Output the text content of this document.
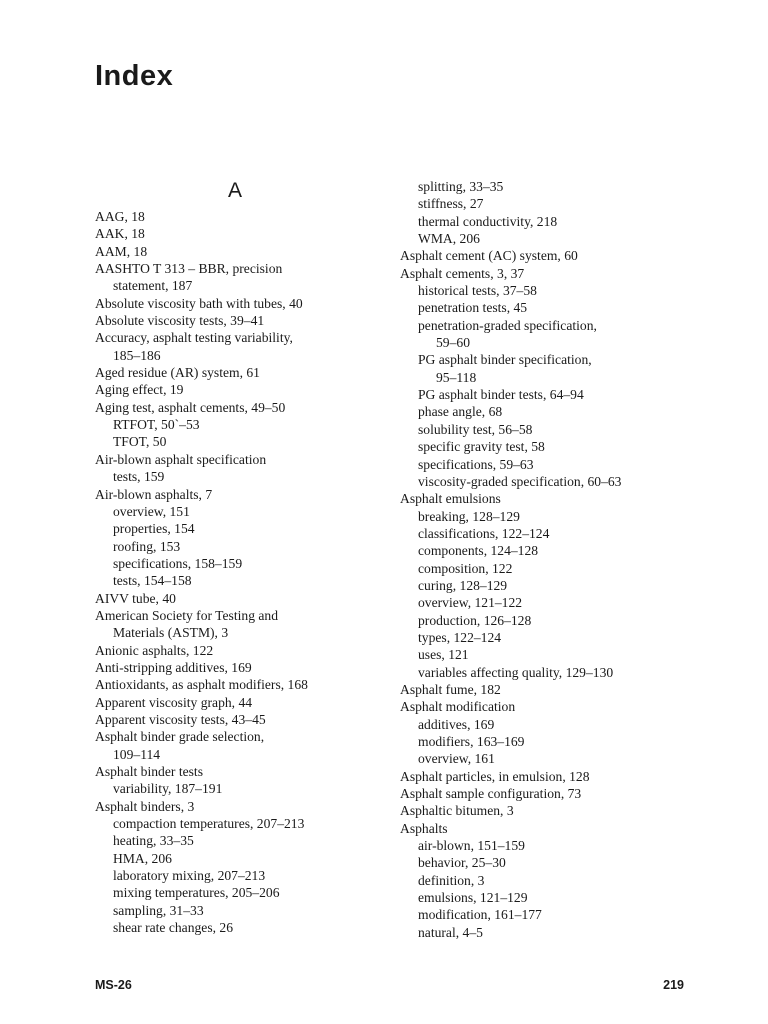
Index
A
AAG, 18
AAK, 18
AAM, 18
AASHTO T 313 – BBR, precision
statement, 187
Absolute viscosity bath with tubes, 40
Absolute viscosity tests, 39–41
Accuracy, asphalt testing variability,
185–186
Aged residue (AR) system, 61
Aging effect, 19
Aging test, asphalt cements, 49–50
RTFOT, 50`–53
TFOT, 50
Air-blown asphalt specification
tests, 159
Air-blown asphalts, 7
overview, 151
properties, 154
roofing, 153
specifications, 158–159
tests, 154–158
AIVV tube, 40
American Society for Testing and
Materials (ASTM), 3
Anionic asphalts, 122
Anti-stripping additives, 169
Antioxidants, as asphalt modifiers, 168
Apparent viscosity graph, 44
Apparent viscosity tests, 43–45
Asphalt binder grade selection,
109–114
Asphalt binder tests
variability, 187–191
Asphalt binders, 3
compaction temperatures, 207–213
heating, 33–35
HMA, 206
laboratory mixing, 207–213
mixing temperatures, 205–206
sampling, 31–33
shear rate changes, 26
splitting, 33–35
stiffness, 27
thermal conductivity, 218
WMA, 206
Asphalt cement (AC) system, 60
Asphalt cements, 3, 37
historical tests, 37–58
penetration tests, 45
penetration-graded specification,
59–60
PG asphalt binder specification,
95–118
PG asphalt binder tests, 64–94
phase angle, 68
solubility test, 56–58
specific gravity test, 58
specifications, 59–63
viscosity-graded specification, 60–63
Asphalt emulsions
breaking, 128–129
classifications, 122–124
components, 124–128
composition, 122
curing, 128–129
overview, 121–122
production, 126–128
types, 122–124
uses, 121
variables affecting quality, 129–130
Asphalt fume, 182
Asphalt modification
additives, 169
modifiers, 163–169
overview, 161
Asphalt particles, in emulsion, 128
Asphalt sample configuration, 73
Asphaltic bitumen, 3
Asphalts
air-blown, 151–159
behavior, 25–30
definition, 3
emulsions, 121–129
modification, 161–177
natural, 4–5
MS-26	219
